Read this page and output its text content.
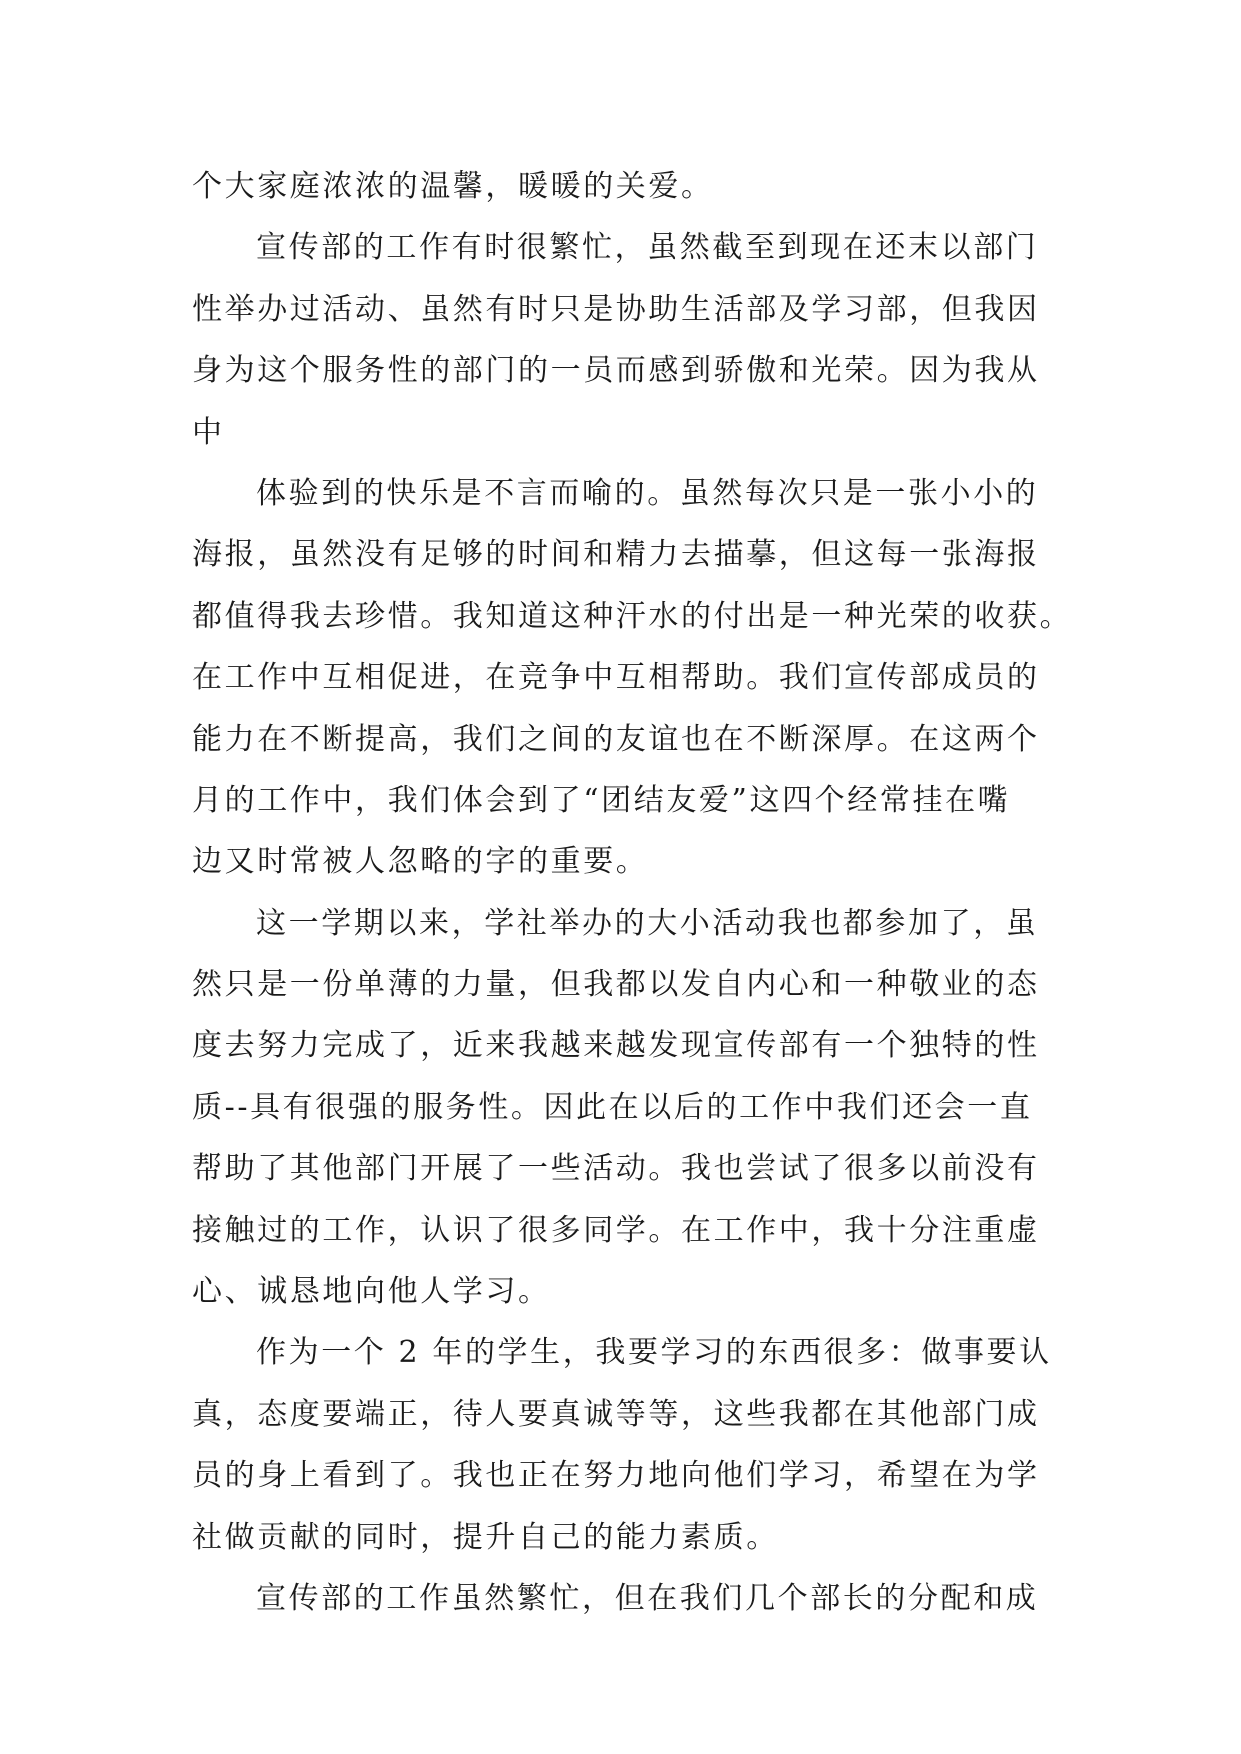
个大家庭浓浓的温馨，暖暖的关爱。
宣传部的工作有时很繁忙，虽然截至到现在还末以部门
性举办过活动、虽然有时只是协助生活部及学习部，但我因
身为这个服务性的部门的一员而感到骄傲和光荣。因为我从
中
体验到的快乐是不言而喻的。虽然每次只是一张小小的
海报，虽然没有足够的时间和精力去描摹，但这每一张海报
都值得我去珍惜。我知道这种汗水的付出是一种光荣的收获。
在工作中互相促进，在竞争中互相帮助。我们宣传部成员的
能力在不断提高，我们之间的友谊也在不断深厚。在这两个
月的工作中，我们体会到了“团结友爱”这四个经常挂在嘴
边又时常被人忽略的字的重要。
这一学期以来，学社举办的大小活动我也都参加了，虽
然只是一份单薄的力量，但我都以发自内心和一种敬业的态
度去努力完成了，近来我越来越发现宣传部有一个独特的性
质--具有很强的服务性。因此在以后的工作中我们还会一直
帮助了其他部门开展了一些活动。我也尝试了很多以前没有
接触过的工作，认识了很多同学。在工作中，我十分注重虚
心、诚恳地向他人学习。
作为一个 2 年的学生，我要学习的东西很多：做事要认
真，态度要端正，待人要真诚等等，这些我都在其他部门成
员的身上看到了。我也正在努力地向他们学习，希望在为学
社做贡献的同时，提升自己的能力素质。
宣传部的工作虽然繁忙，但在我们几个部长的分配和成
